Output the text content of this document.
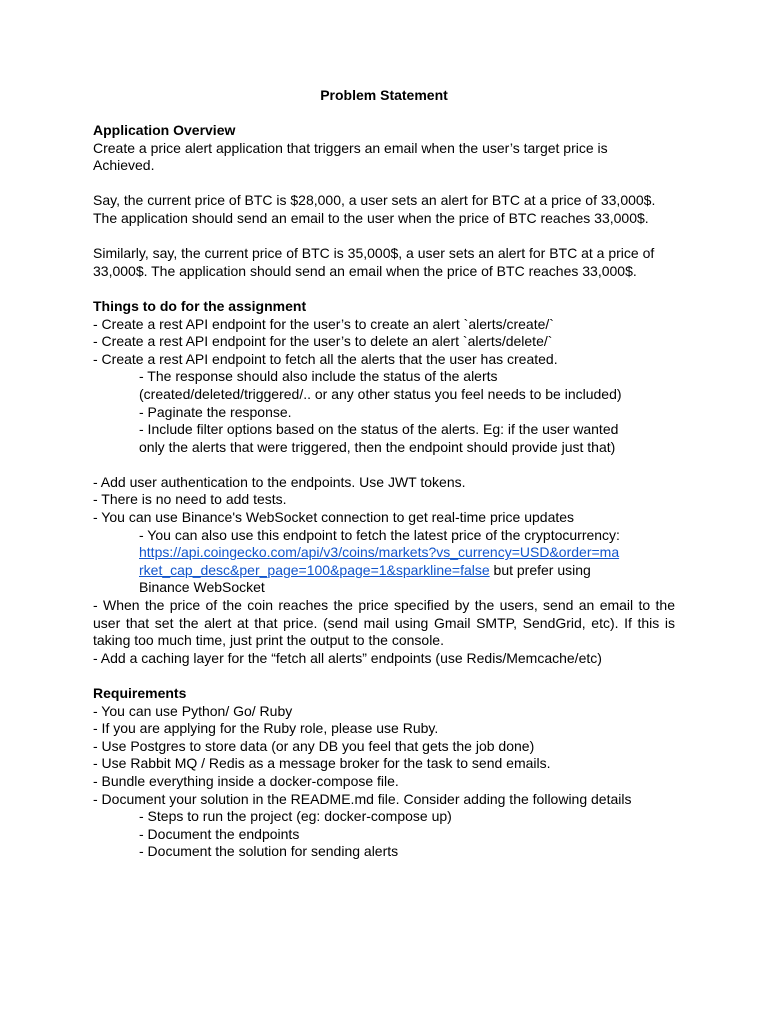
Problem Statement

Application Overview

Create a price alert application that triggers an email when the user’s target price is

Achieved.

Say, the current price of BTC is $28,000, a user sets an alert for BTC at a price of 33,000$.

The application should send an email to the user when the price of BTC reaches 33,000$.

Similarly, say, the current price of BTC is 35,000$, a user sets an alert for BTC at a price of

33,000$. The application should send an email when the price of BTC reaches 33,000$.

Things to do for the assignment

- Create a rest API endpoint for the user’s to create an alert `alerts/create/`

- Create a rest API endpoint for the user’s to delete an alert `alerts/delete/`

- Create a rest API endpoint to fetch all the alerts that the user has created.

- The response should also include the status of the alerts

(created/deleted/triggered/.. or any other status you feel needs to be included)

- Paginate the response.

- Include filter options based on the status of the alerts. Eg: if the user wanted

only the alerts that were triggered, then the endpoint should provide just that)

- Add user authentication to the endpoints. Use JWT tokens.

- There is no need to add tests.

- You can use Binance's WebSocket connection to get real-time price updates

- You can also use this endpoint to fetch the latest price of the cryptocurrency:

https://api.coingecko.com/api/v3/coins/markets?vs_currency=USD&order=ma

rket_cap_desc&per_page=100&page=1&sparkline=false but prefer using

Binance WebSocket

- When the price of the coin reaches the price specified by the users, send an email to the

user that set the alert at that price. (send mail using Gmail SMTP, SendGrid, etc). If this is

taking too much time, just print the output to the console.

- Add a caching layer for the “fetch all alerts” endpoints (use Redis/Memcache/etc)

Requirements

- You can use Python/ Go/ Ruby

- If you are applying for the Ruby role, please use Ruby.

- Use Postgres to store data (or any DB you feel that gets the job done)

- Use Rabbit MQ / Redis as a message broker for the task to send emails.

- Bundle everything inside a docker-compose file.

- Document your solution in the README.md file. Consider adding the following details

- Steps to run the project (eg: docker-compose up)

- Document the endpoints

- Document the solution for sending alerts
